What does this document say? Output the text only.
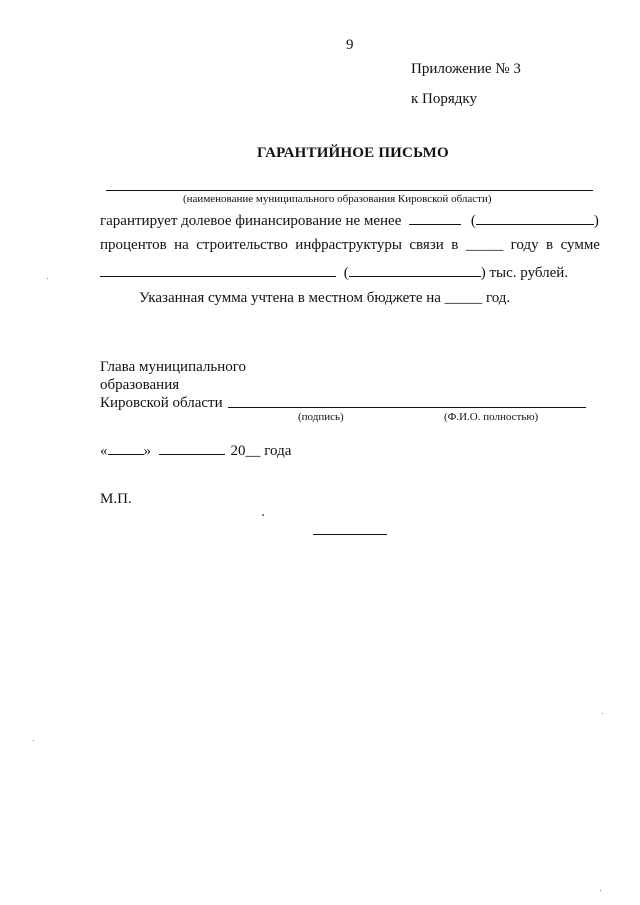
9
Приложение № 3
к Порядку
ГАРАНТИЙНОЕ ПИСЬМО
(наименование муниципального образования Кировской области)
гарантирует долевое финансирование не менее	(	)
процентов на строительство инфраструктуры связи в _____ году в сумме
(	) тыс. рублей.
Указанная сумма учтена в местном бюджете на _____ год.
Глава муниципального
образования
Кировской области
(подпись)	(Ф.И.О. полностью)
« »	20__ года
М.П.
